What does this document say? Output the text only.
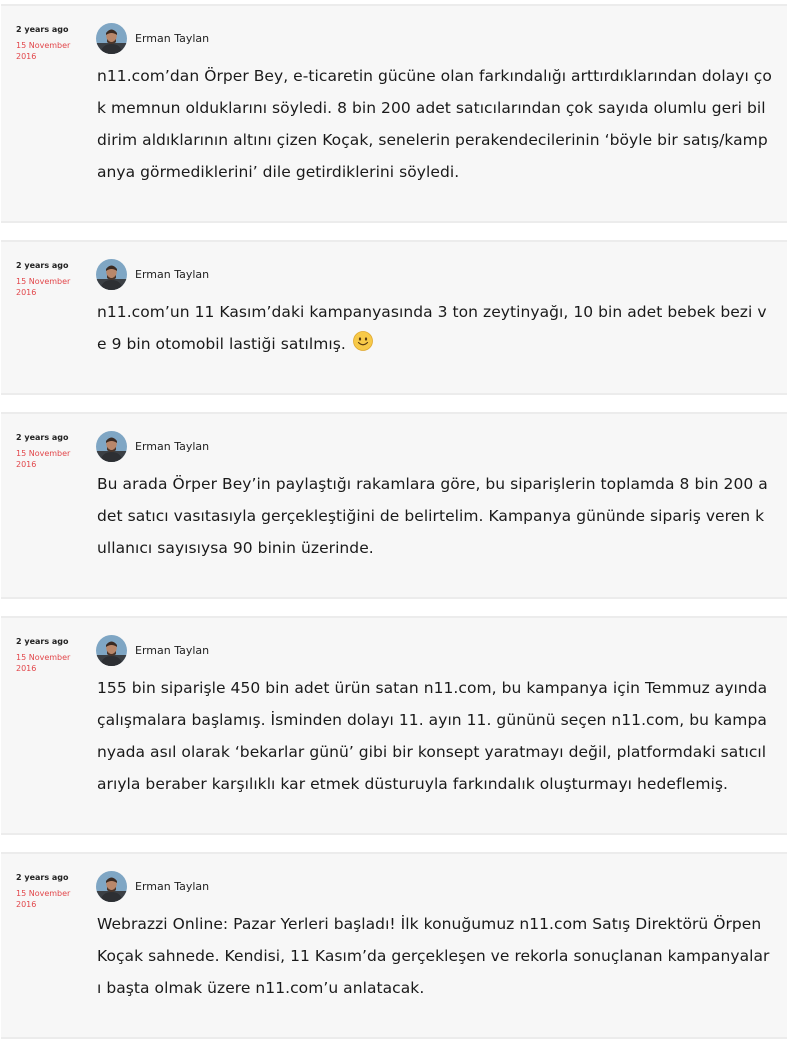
2 years ago
15 November 2016
Erman Taylan
n11.com’dan Örper Bey, e-ticaretin gücüne olan farkındalığı arttırdıklarından dolayı çok memnun olduklarını söyledi. 8 bin 200 adet satıcılarından çok sayıda olumlu geri bildirim aldıklarının altını çizen Koçak, senelerin perakendecilerinin ‘böyle bir satış/kampanya görmediklerini’ dile getirdiklerini söyledi.
2 years ago
15 November 2016
Erman Taylan
n11.com’un 11 Kasım’daki kampanyasında 3 ton zeytinyağı, 10 bin adet bebek bezi ve 9 bin otomobil lastiği satılmış.
2 years ago
15 November 2016
Erman Taylan
Bu arada Örper Bey’in paylaştığı rakamlara göre, bu siparişlerin toplamda 8 bin 200 adet satıcı vasıtasıyla gerçekleştiğini de belirtelim. Kampanya gününde sipariş veren kullanıcı sayısıysa 90 binin üzerinde.
2 years ago
15 November 2016
Erman Taylan
155 bin siparişle 450 bin adet ürün satan n11.com, bu kampanya için Temmuz ayında çalışmalara başlamış. İsminden dolayı 11. ayın 11. gününü seçen n11.com, bu kampanyada asıl olarak ‘bekarlar günü’ gibi bir konsept yaratmayı değil, platformdaki satıcılarıyla beraber karşılıklı kar etmek düsturuyla farkındalık oluşturmayı hedeflemiş.
2 years ago
15 November 2016
Erman Taylan
Webrazzi Online: Pazar Yerleri başladı! İlk konuğumuz n11.com Satış Direktörü Örpen Koçak sahnede. Kendisi, 11 Kasım’da gerçekleşen ve rekorla sonuçlanan kampanyaları başta olmak üzere n11.com’u anlatacak.
